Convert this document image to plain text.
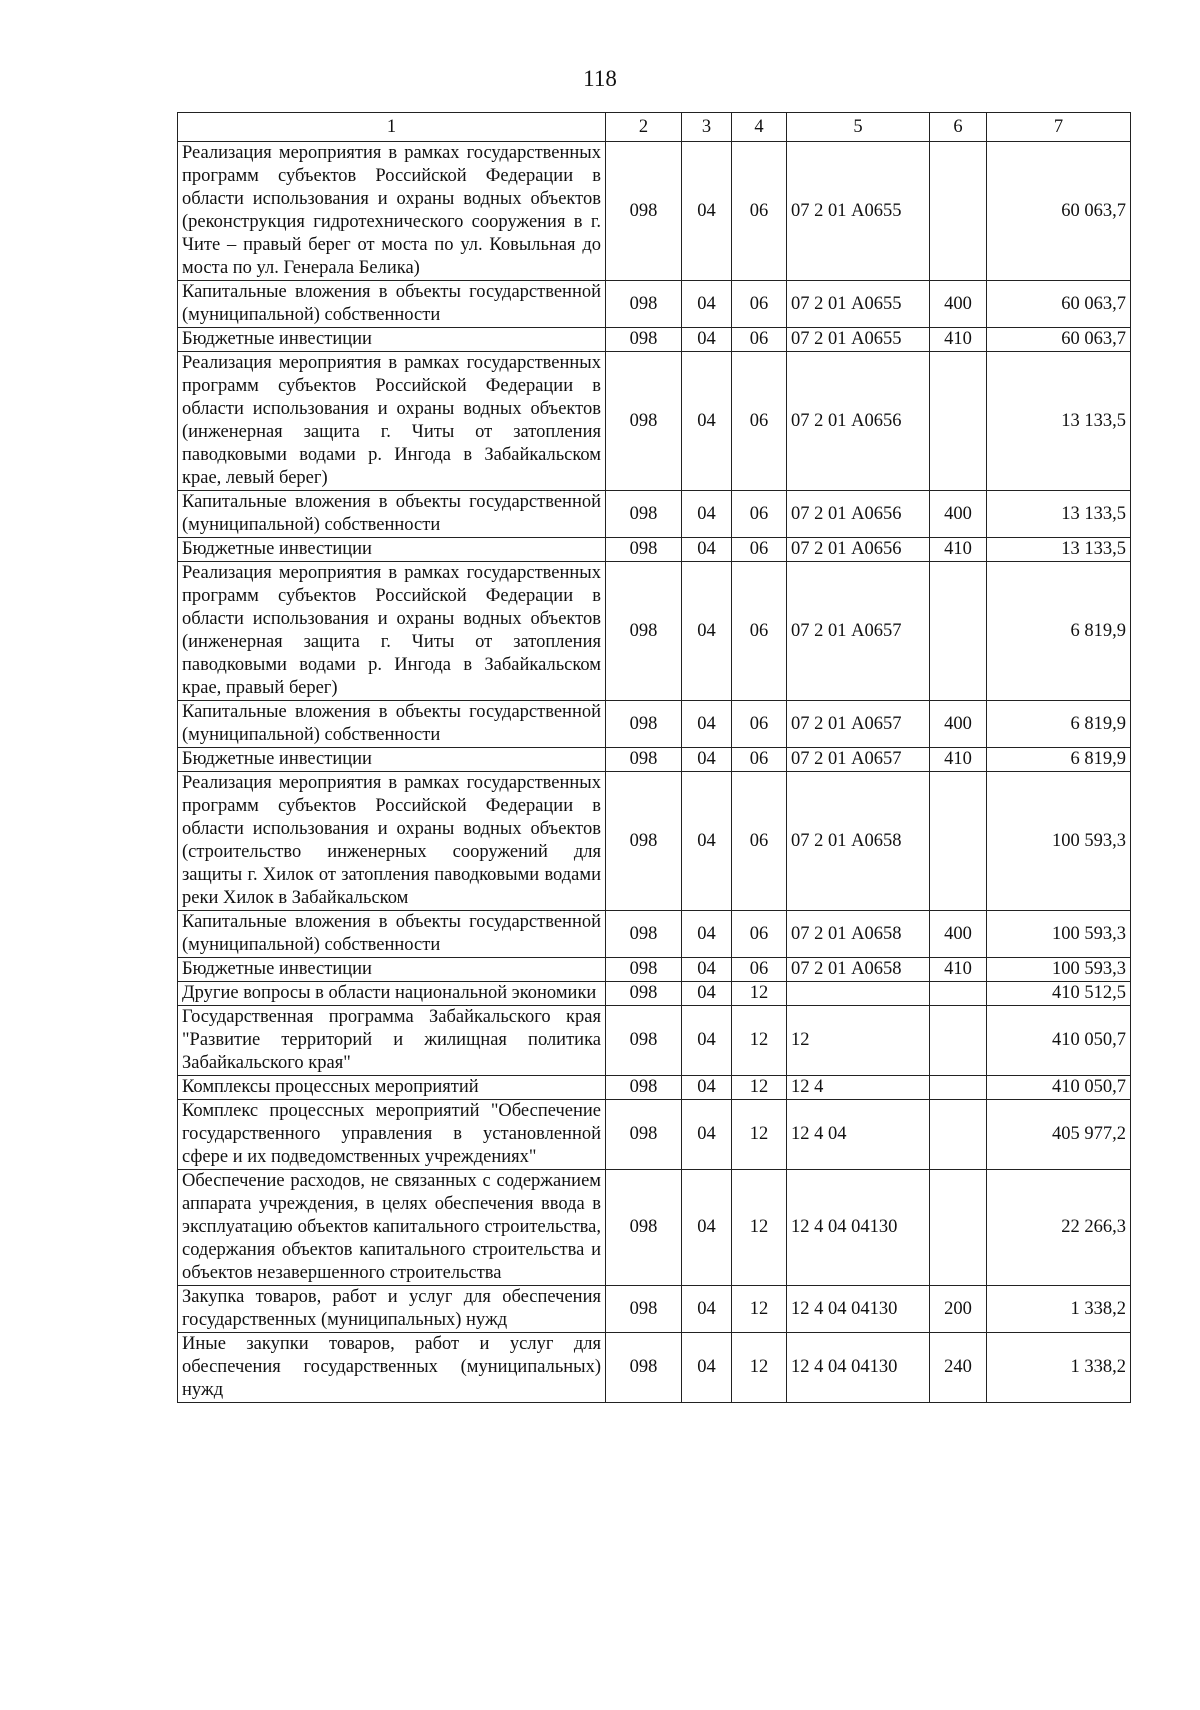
118
1	2	3	4	5	6	7
Реализация мероприятия в рамках государственных программ субъектов Российской Федерации в области использования и охраны водных объектов (реконструкция гидротехнического сооружения в г. Чите – правый берег от моста по ул. Ковыльная до моста по ул. Генерала Белика)	098	04	06	07 2 01 А0655		60 063,7
Капитальные вложения в объекты государственной (муниципальной) собственности	098	04	06	07 2 01 А0655	400	60 063,7
Бюджетные инвестиции	098	04	06	07 2 01 А0655	410	60 063,7
Реализация мероприятия в рамках государственных программ субъектов Российской Федерации в области использования и охраны водных объектов (инженерная защита г. Читы от затопления паводковыми водами р. Ингода в Забайкальском крае, левый берег)	098	04	06	07 2 01 А0656		13 133,5
Капитальные вложения в объекты государственной (муниципальной) собственности	098	04	06	07 2 01 А0656	400	13 133,5
Бюджетные инвестиции	098	04	06	07 2 01 А0656	410	13 133,5
Реализация мероприятия в рамках государственных программ субъектов Российской Федерации в области использования и охраны водных объектов (инженерная защита г. Читы от затопления паводковыми водами р. Ингода в Забайкальском крае, правый берег)	098	04	06	07 2 01 А0657		6 819,9
Капитальные вложения в объекты государственной (муниципальной) собственности	098	04	06	07 2 01 А0657	400	6 819,9
Бюджетные инвестиции	098	04	06	07 2 01 А0657	410	6 819,9
Реализация мероприятия в рамках государственных программ субъектов Российской Федерации в области использования и охраны водных объектов (строительство инженерных сооружений для защиты г. Хилок от затопления паводковыми водами реки Хилок в Забайкальском	098	04	06	07 2 01 А0658		100 593,3
Капитальные вложения в объекты государственной (муниципальной) собственности	098	04	06	07 2 01 А0658	400	100 593,3
Бюджетные инвестиции	098	04	06	07 2 01 А0658	410	100 593,3
Другие вопросы в области национальной экономики	098	04	12			410 512,5
Государственная программа Забайкальского края "Развитие территорий и жилищная политика Забайкальского края"	098	04	12	12		410 050,7
Комплексы процессных мероприятий	098	04	12	12 4		410 050,7
Комплекс процессных мероприятий "Обеспечение государственного управления в установленной сфере и их подведомственных учреждениях"	098	04	12	12 4 04		405 977,2
Обеспечение расходов, не связанных с содержанием аппарата учреждения, в целях обеспечения ввода в эксплуатацию объектов капитального строительства, содержания объектов капитального строительства и объектов незавершенного строительства	098	04	12	12 4 04 04130		22 266,3
Закупка товаров, работ и услуг для обеспечения государственных (муниципальных) нужд	098	04	12	12 4 04 04130	200	1 338,2
Иные закупки товаров, работ и услуг для обеспечения государственных (муниципальных) нужд	098	04	12	12 4 04 04130	240	1 338,2
